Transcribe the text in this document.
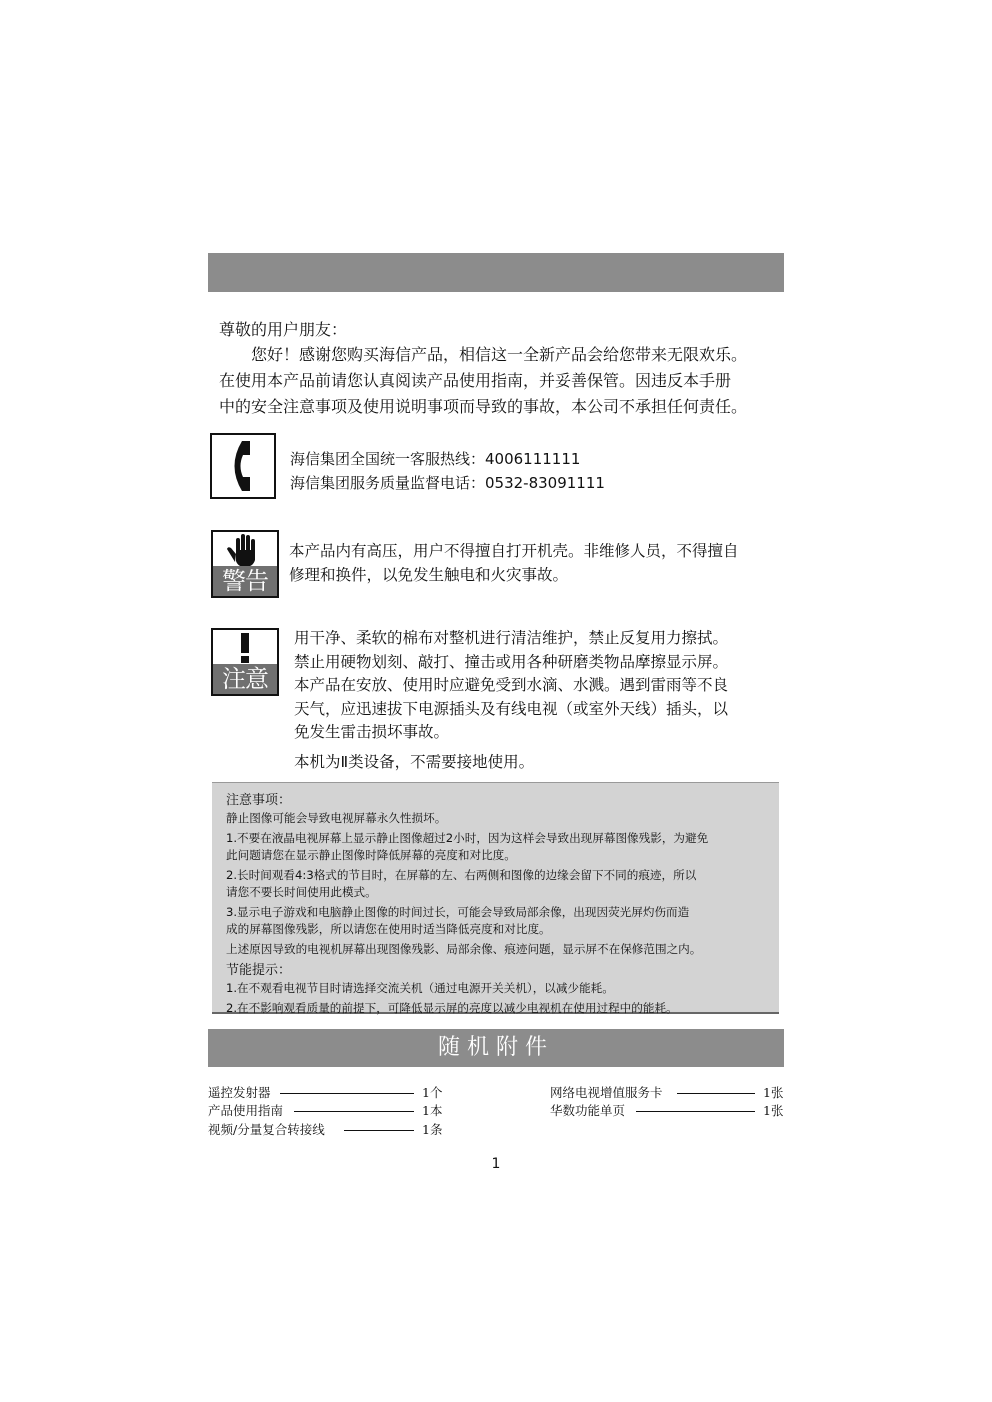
尊敬的用户朋友：

您好！感谢您购买海信产品，相信这一全新产品会给您带来无限欢乐。

在使用本产品前请您认真阅读产品使用指南，并妥善保管。因违反本手册

中的安全注意事项及使用说明事项而导致的事故，本公司不承担任何责任。

海信集团全国统一客服热线：4006111111
海信集团服务质量监督电话：0532-83091111
警告
本产品内有高压，用户不得擅自打开机壳。非维修人员，不得擅自
修理和换件，以免发生触电和火灾事故。
注意

用干净、柔软的棉布对整机进行清洁维护，禁止反复用力擦拭。

禁止用硬物划刻、敲打、撞击或用各种研磨类物品摩擦显示屏。

本产品在安放、使用时应避免受到水滴、水溅。遇到雷雨等不良

天气，应迅速拔下电源插头及有线电视（或室外天线）插头，以

免发生雷击损坏事故。

本机为Ⅱ类设备，不需要接地使用。

注意事项：

静止图像可能会导致电视屏幕永久性损坏。

1.不要在液晶电视屏幕上显示静止图像超过2小时，因为这样会导致出现屏幕图像残影，为避免

此问题请您在显示静止图像时降低屏幕的亮度和对比度。

2.长时间观看4:3格式的节目时，在屏幕的左、右两侧和图像的边缘会留下不同的痕迹，所以

请您不要长时间使用此模式。

3.显示电子游戏和电脑静止图像的时间过长，可能会导致局部余像，出现因荧光屏灼伤而造

成的屏幕图像残影，所以请您在使用时适当降低亮度和对比度。

上述原因导致的电视机屏幕出现图像残影、局部余像、痕迹问题，显示屏不在保修范围之内。

节能提示：

1.在不观看电视节目时请选择交流关机（通过电源开关关机），以减少能耗。

2.在不影响观看质量的前提下，可降低显示屏的亮度以减少电视机在使用过程中的能耗。

随机附件
遥控发射器	1个
产品使用指南	1本
视频/分量复合转接线	1条
网络电视增值服务卡	1张
华数功能单页	1张
1
